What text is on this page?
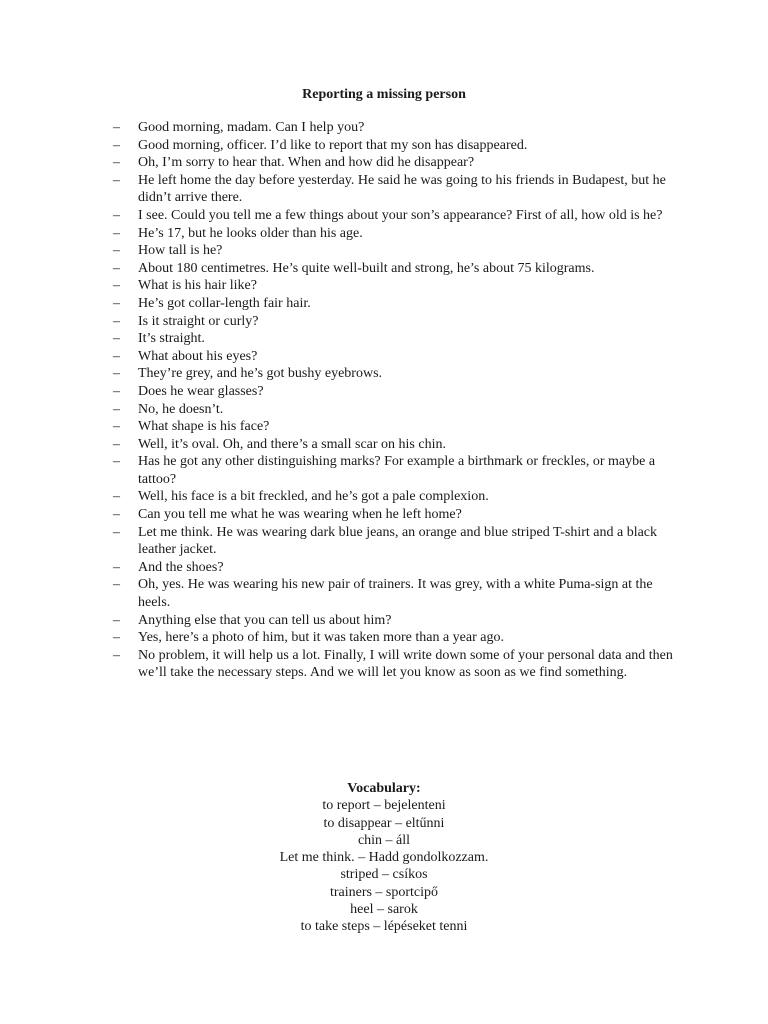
Reporting a missing person
– Good morning, madam. Can I help you?
– Good morning, officer. I’d like to report that my son has disappeared.
– Oh, I’m sorry to hear that. When and how did he disappear?
– He left home the day before yesterday. He said he was going to his friends in Budapest, but he didn’t arrive there.
– I see. Could you tell me a few things about your son’s appearance? First of all, how old is he?
– He’s 17, but he looks older than his age.
– How tall is he?
– About 180 centimetres. He’s quite well-built and strong, he’s about 75 kilograms.
– What is his hair like?
– He’s got collar-length fair hair.
– Is it straight or curly?
– It’s straight.
– What about his eyes?
– They’re grey, and he’s got bushy eyebrows.
– Does he wear glasses?
– No, he doesn’t.
– What shape is his face?
– Well, it’s oval. Oh, and there’s a small scar on his chin.
– Has he got any other distinguishing marks? For example a birthmark or freckles, or maybe a tattoo?
– Well, his face is a bit freckled, and he’s got a pale complexion.
– Can you tell me what he was wearing when he left home?
– Let me think. He was wearing dark blue jeans, an orange and blue striped T-shirt and a black leather jacket.
– And the shoes?
– Oh, yes. He was wearing his new pair of trainers. It was grey, with a white Puma-sign at the heels.
– Anything else that you can tell us about him?
– Yes, here’s a photo of him, but it was taken more than a year ago.
– No problem, it will help us a lot. Finally, I will write down some of your personal data and then we’ll take the necessary steps. And we will let you know as soon as we find something.
Vocabulary:
to report – bejelenteni
to disappear – eltűnni
chin – áll
Let me think. – Hadd gondolkozzam.
striped – csíkos
trainers – sportcipő
heel – sarok
to take steps – lépéseket tenni
